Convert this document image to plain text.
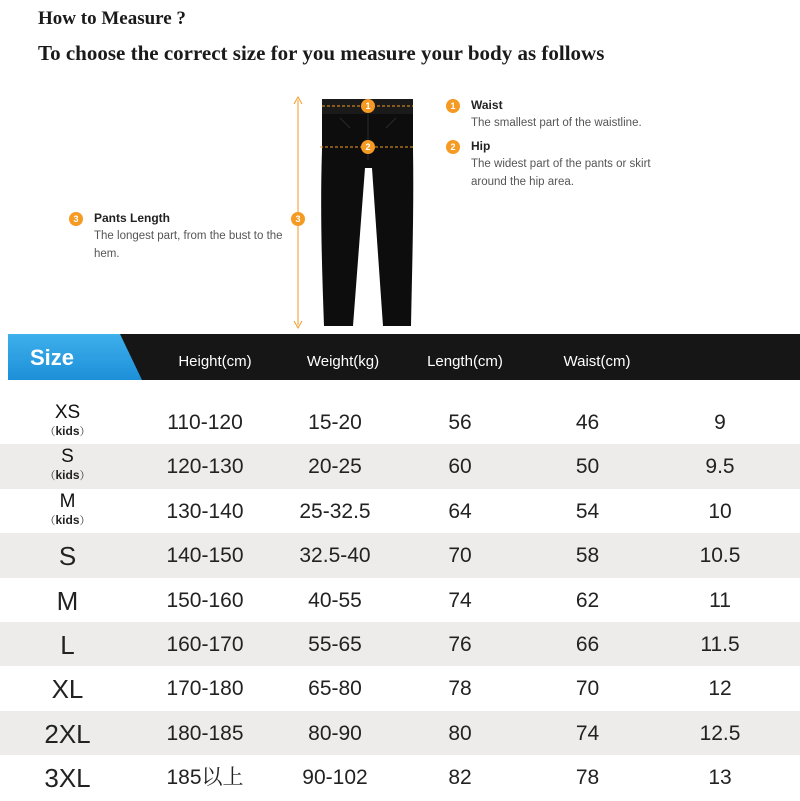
How to Measure ?
To choose the correct size for you measure your body as follows
1
2
3
1	Waist
The smallest part of the waistline.
2	Hip
The widest part of the pants or skirt around the hip area.
3	Pants Length
The longest part, from the bust to the hem.
Size	Height(cm)	Weight(kg)	Length(cm)	Waist(cm)
XS
（kids）	110-120	15-20	56	46	9
S
（kids）	120-130	20-25	60	50	9.5
M
（kids）	130-140	25-32.5	64	54	10
S	140-150	32.5-40	70	58	10.5
M	150-160	40-55	74	62	11
L	160-170	55-65	76	66	11.5
XL	170-180	65-80	78	70	12
2XL	180-185	80-90	80	74	12.5
3XL	185以上	90-102	82	78	13
